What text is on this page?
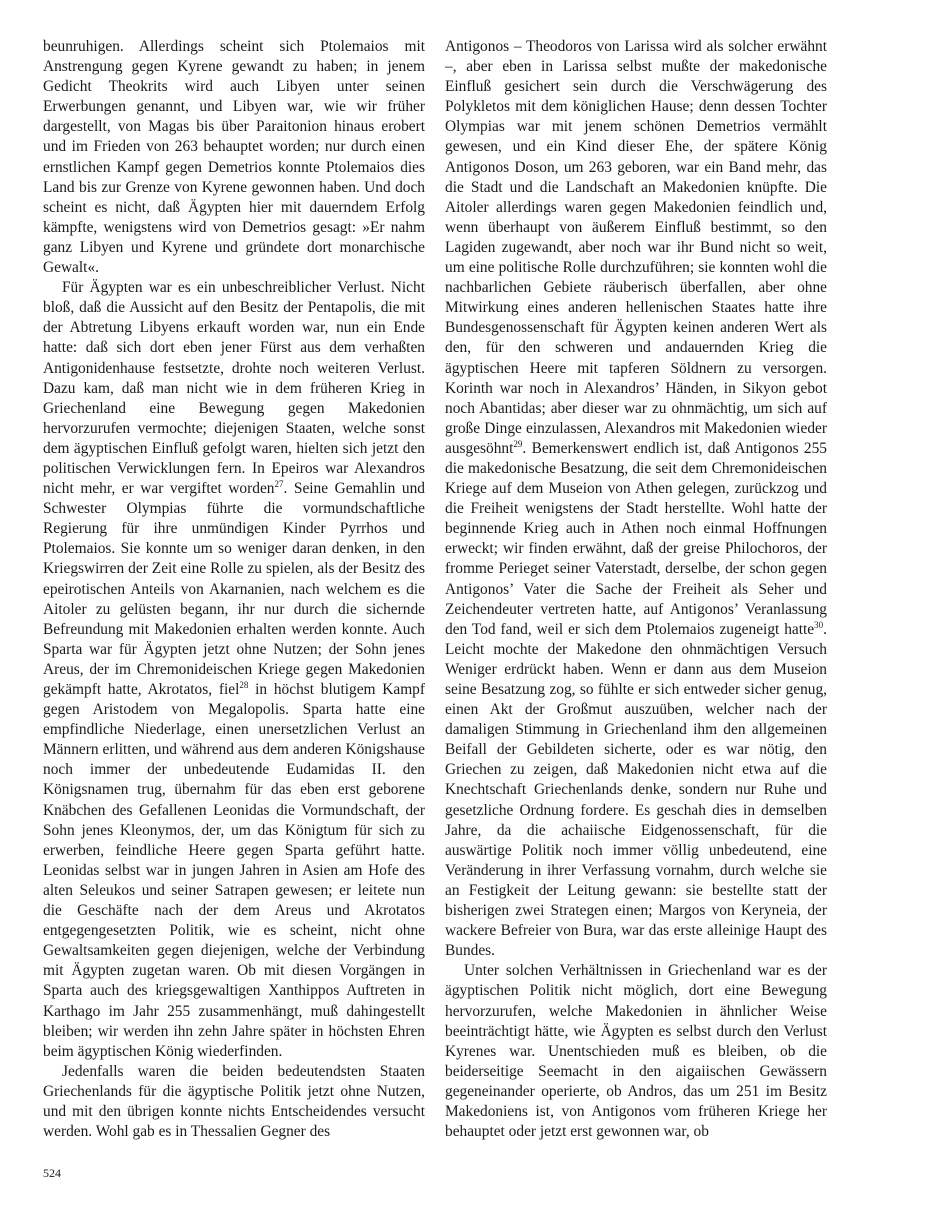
beunruhigen. Allerdings scheint sich Ptolemaios mit Anstrengung gegen Kyrene gewandt zu haben; in jenem Gedicht Theokrits wird auch Libyen unter seinen Erwerbungen genannt, und Libyen war, wie wir früher dargestellt, von Magas bis über Paraitonion hinaus erobert und im Frieden von 263 behauptet worden; nur durch einen ernstlichen Kampf gegen Demetrios konnte Ptolemaios dies Land bis zur Grenze von Kyrene gewonnen haben. Und doch scheint es nicht, daß Ägypten hier mit dauerndem Erfolg kämpfte, wenigstens wird von Demetrios gesagt: »Er nahm ganz Libyen und Kyrene und gründete dort monarchische Gewalt«.

Für Ägypten war es ein unbeschreiblicher Verlust. Nicht bloß, daß die Aussicht auf den Besitz der Pentapolis, die mit der Abtretung Libyens erkauft worden war, nun ein Ende hatte: daß sich dort eben jener Fürst aus dem verhaßten Antigonidenhause festsetzte, drohte noch weiteren Verlust. Dazu kam, daß man nicht wie in dem früheren Krieg in Griechenland eine Bewegung gegen Makedonien hervorzurufen vermochte; diejenigen Staaten, welche sonst dem ägyptischen Einfluß gefolgt waren, hielten sich jetzt den politischen Verwicklungen fern. In Epeiros war Alexandros nicht mehr, er war vergiftet worden$^{27}$. Seine Gemahlin und Schwester Olympias führte die vormundschaftliche Regierung für ihre unmündigen Kinder Pyrrhos und Ptolemaios. Sie konnte um so weniger daran denken, in den Kriegswirren der Zeit eine Rolle zu spielen, als der Besitz des epeirotischen Anteils von Akarnanien, nach welchem es die Aitoler zu gelüsten begann, ihr nur durch die sichernde Befreundung mit Makedonien erhalten werden konnte. Auch Sparta war für Ägypten jetzt ohne Nutzen; der Sohn jenes Areus, der im Chremonideischen Kriege gegen Makedonien gekämpft hatte, Akrotatos, fiel$^{28}$ in höchst blutigem Kampf gegen Aristodem von Megalopolis. Sparta hatte eine empfindliche Niederlage, einen unersetzlichen Verlust an Männern erlitten, und während aus dem anderen Königshause noch immer der unbedeutende Eudamidas II. den Königsnamen trug, übernahm für das eben erst geborene Knäbchen des Gefallenen Leonidas die Vormundschaft, der Sohn jenes Kleonymos, der, um das Königtum für sich zu erwerben, feindliche Heere gegen Sparta geführt hatte. Leonidas selbst war in jungen Jahren in Asien am Hofe des alten Seleukos und seiner Satrapen gewesen; er leitete nun die Geschäfte nach der dem Areus und Akrotatos entgegengesetzten Politik, wie es scheint, nicht ohne Gewaltsamkeiten gegen diejenigen, welche der Verbindung mit Ägypten zugetan waren. Ob mit diesen Vorgängen in Sparta auch des kriegsgewaltigen Xanthippos Auftreten in Karthago im Jahr 255 zusammenhängt, muß dahingestellt bleiben; wir werden ihn zehn Jahre später in höchsten Ehren beim ägyptischen König wiederfinden.

Jedenfalls waren die beiden bedeutendsten Staaten Griechenlands für die ägyptische Politik jetzt ohne Nutzen, und mit den übrigen konnte nichts Entscheidendes versucht werden. Wohl gab es in Thessalien Gegner des

Antigonos – Theodoros von Larissa wird als solcher erwähnt –, aber eben in Larissa selbst mußte der makedonische Einfluß gesichert sein durch die Verschwägerung des Polykletos mit dem königlichen Hause; denn dessen Tochter Olympias war mit jenem schönen Demetrios vermählt gewesen, und ein Kind dieser Ehe, der spätere König Antigonos Doson, um 263 geboren, war ein Band mehr, das die Stadt und die Landschaft an Makedonien knüpfte. Die Aitoler allerdings waren gegen Makedonien feindlich und, wenn überhaupt von äußerem Einfluß bestimmt, so den Lagiden zugewandt, aber noch war ihr Bund nicht so weit, um eine politische Rolle durchzuführen; sie konnten wohl die nachbarlichen Gebiete räuberisch überfallen, aber ohne Mitwirkung eines anderen hellenischen Staates hatte ihre Bundesgenossenschaft für Ägypten keinen anderen Wert als den, für den schweren und andauernden Krieg die ägyptischen Heere mit tapferen Söldnern zu versorgen. Korinth war noch in Alexandros’ Händen, in Sikyon gebot noch Abantidas; aber dieser war zu ohnmächtig, um sich auf große Dinge einzulassen, Alexandros mit Makedonien wieder ausgesöhnt$^{29}$. Bemerkenswert endlich ist, daß Antigonos 255 die makedonische Besatzung, die seit dem Chremonideischen Kriege auf dem Museion von Athen gelegen, zurückzog und die Freiheit wenigstens der Stadt herstellte. Wohl hatte der beginnende Krieg auch in Athen noch einmal Hoffnungen erweckt; wir finden erwähnt, daß der greise Philochoros, der fromme Perieget seiner Vaterstadt, derselbe, der schon gegen Antigonos’ Vater die Sache der Freiheit als Seher und Zeichendeuter vertreten hatte, auf Antigonos’ Veranlassung den Tod fand, weil er sich dem Ptolemaios zugeneigt hatte$^{30}$. Leicht mochte der Makedone den ohnmächtigen Versuch Weniger erdrückt haben. Wenn er dann aus dem Museion seine Besatzung zog, so fühlte er sich entweder sicher genug, einen Akt der Großmut auszuüben, welcher nach der damaligen Stimmung in Griechenland ihm den allgemeinen Beifall der Gebildeten sicherte, oder es war nötig, den Griechen zu zeigen, daß Makedonien nicht etwa auf die Knechtschaft Griechenlands denke, sondern nur Ruhe und gesetzliche Ordnung fordere. Es geschah dies in demselben Jahre, da die achaiische Eidgenossenschaft, für die auswärtige Politik noch immer völlig unbedeutend, eine Veränderung in ihrer Verfassung vornahm, durch welche sie an Festigkeit der Leitung gewann: sie bestellte statt der bisherigen zwei Strategen einen; Margos von Keryneia, der wackere Befreier von Bura, war das erste alleinige Haupt des Bundes.

Unter solchen Verhältnissen in Griechenland war es der ägyptischen Politik nicht möglich, dort eine Bewegung hervorzurufen, welche Makedonien in ähnlicher Weise beeinträchtigt hätte, wie Ägypten es selbst durch den Verlust Kyrenes war. Unentschieden muß es bleiben, ob die beiderseitige Seemacht in den aigaiischen Gewässern gegeneinander operierte, ob Andros, das um 251 im Besitz Makedoniens ist, von Antigonos vom früheren Kriege her behauptet oder jetzt erst gewonnen war, ob

524
